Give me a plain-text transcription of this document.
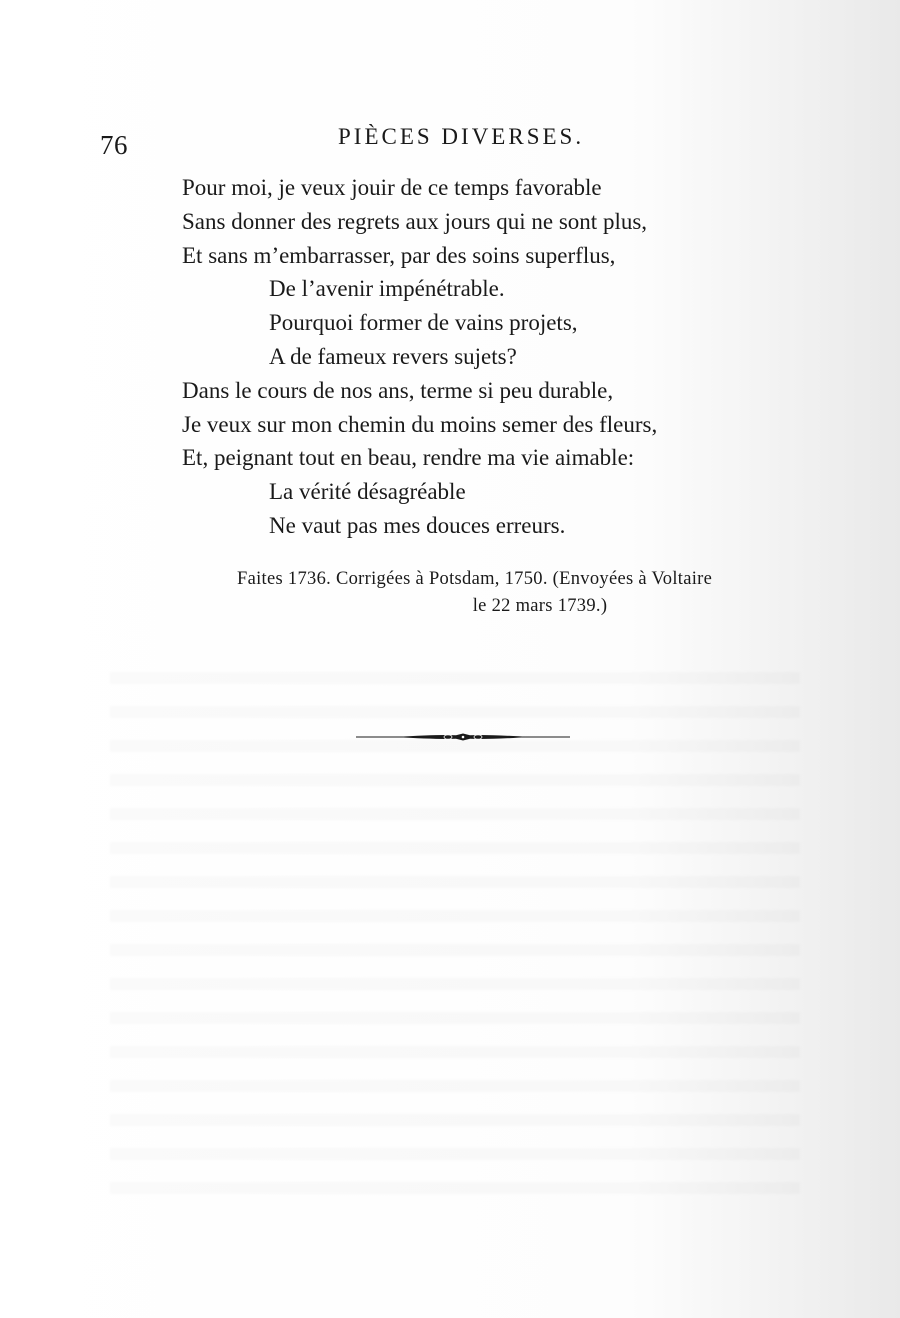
76	PIÈCES DIVERSES.
Pour moi, je veux jouir de ce temps favorable
Sans donner des regrets aux jours qui ne sont plus,
Et sans m’embarrasser, par des soins superflus,
De l’avenir impénétrable.
Pourquoi former de vains projets,
A de fameux revers sujets?
Dans le cours de nos ans, terme si peu durable,
Je veux sur mon chemin du moins semer des fleurs,
Et, peignant tout en beau, rendre ma vie aimable:
La vérité désagréable
Ne vaut pas mes douces erreurs.
Faites 1736. Corrigées à Potsdam, 1750. (Envoyées à Voltaire
le 22 mars 1739.)
